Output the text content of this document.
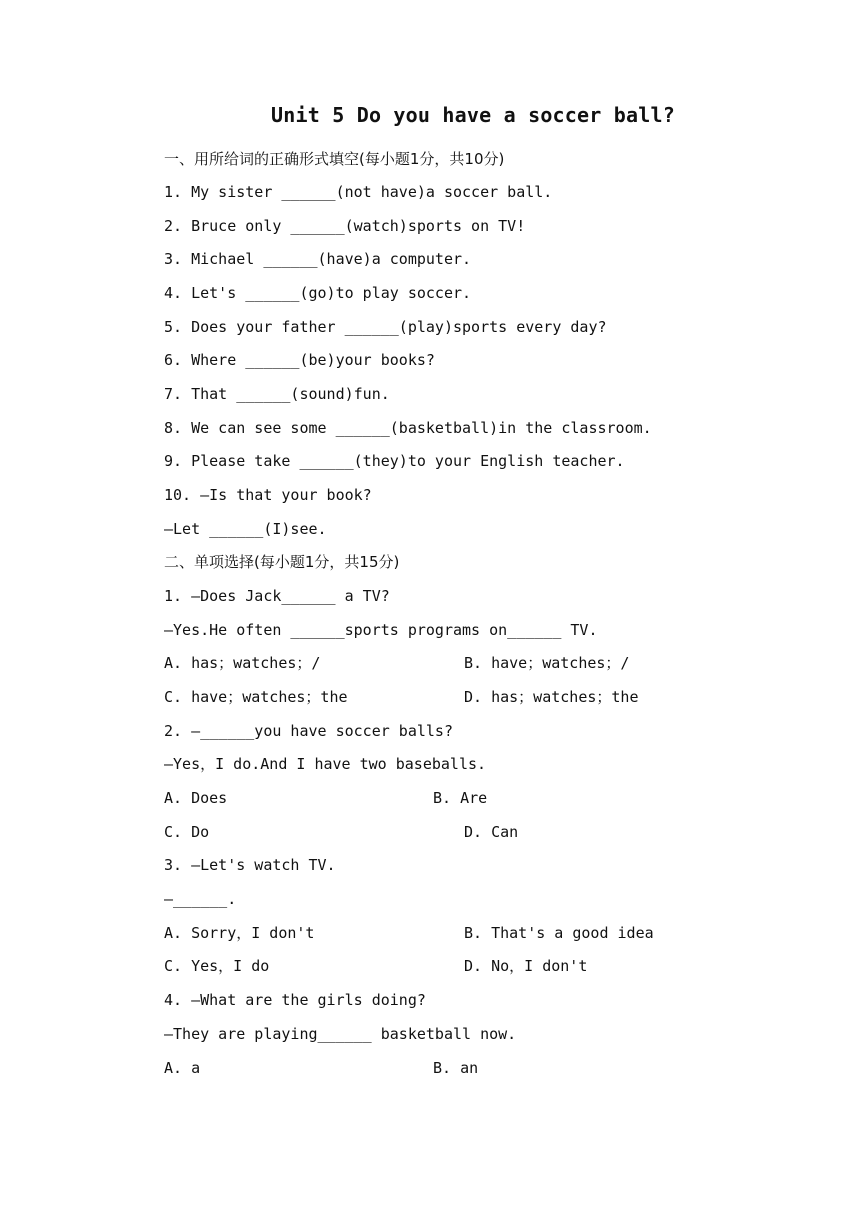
Unit 5 Do you have a soccer ball?
一、用所给词的正确形式填空(每小题1分，共10分)
1. My sister ______(not have)a soccer ball.
2. Bruce only ______(watch)sports on TV!
3. Michael ______(have)a computer.
4. Let's ______(go)to play soccer.
5. Does your father ______(play)sports every day?
6. Where ______(be)your books?
7. That ______(sound)fun.
8. We can see some ______(basketball)in the classroom.
9. Please take ______(they)to your English teacher.
10. —Is that your book?
—Let ______(I)see.
二、单项选择(每小题1分，共15分)
1. —Does Jack______ a TV?
—Yes.He often ______sports programs on______ TV.
A. has；watches；/	B. have；watches；/
C. have；watches；the	D. has；watches；the
2. —______you have soccer balls?
—Yes，I do.And I have two baseballs.
A. Does	B. Are
C. Do	D. Can
3. —Let's watch TV.
—______.
A. Sorry，I don't	B. That's a good idea
C. Yes，I do	D. No，I don't
4. —What are the girls doing?
—They are playing______ basketball now.
A. a	B. an
